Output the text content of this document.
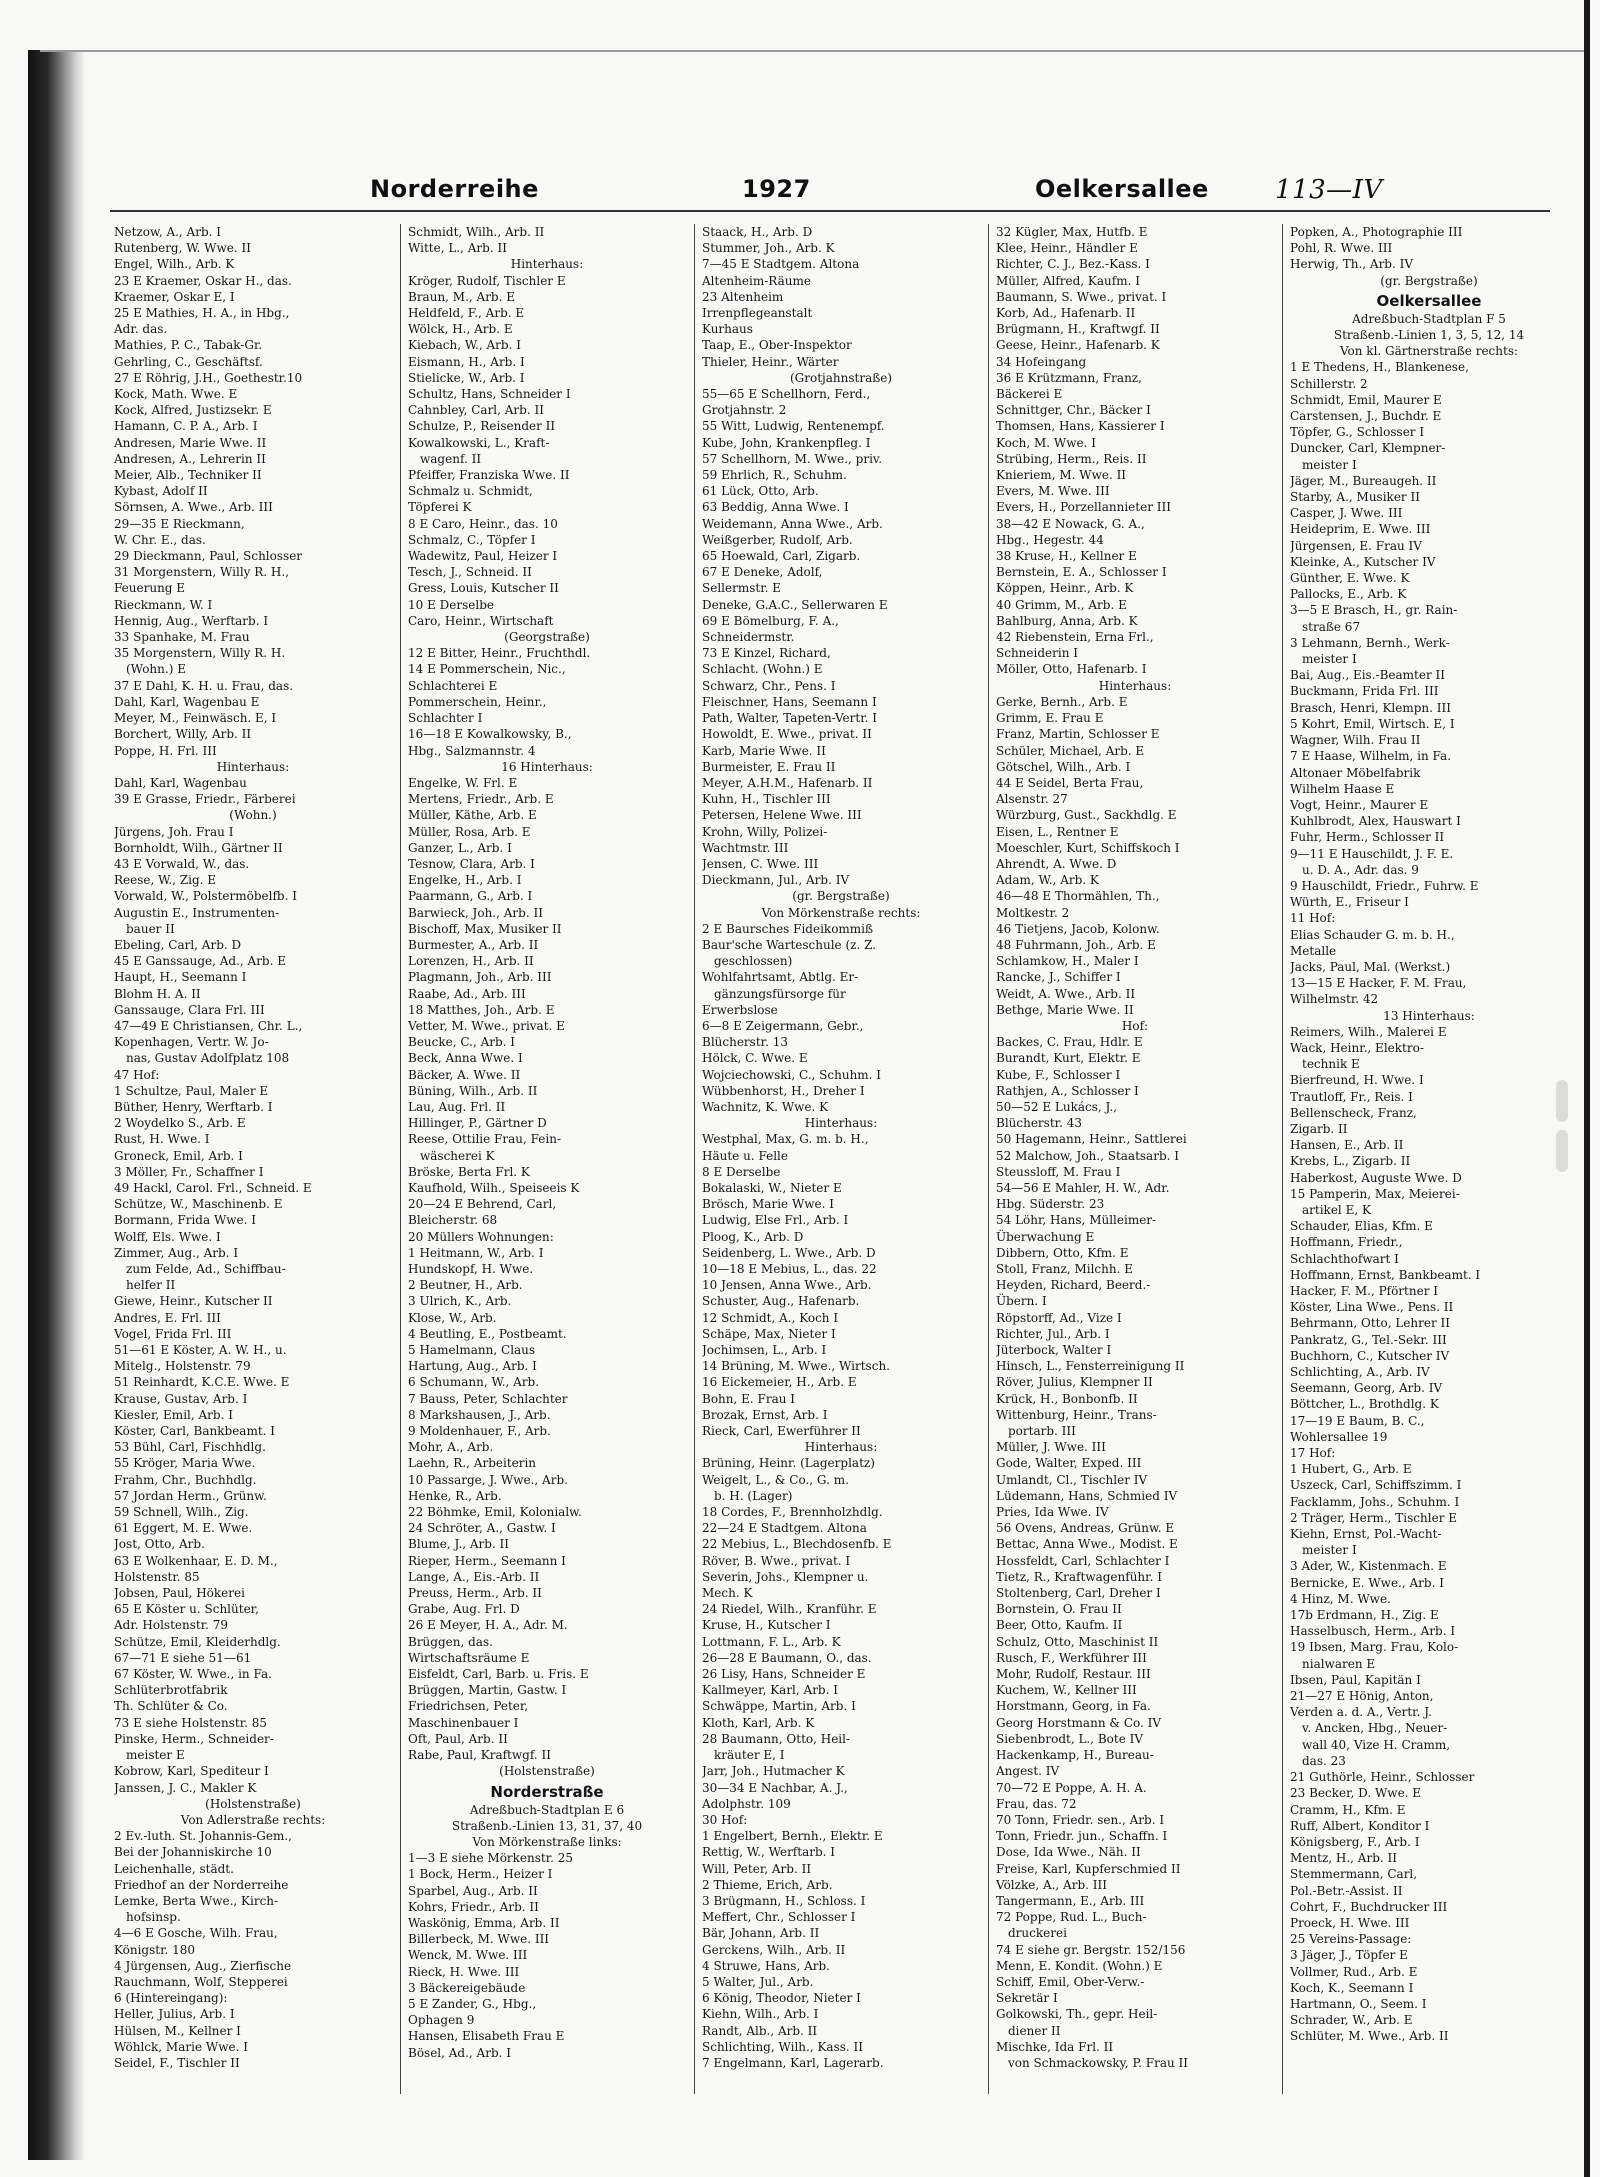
Norderreihe	1927	Oelkersallee	113—IV
Netzow, A., Arb. I
Rutenberg, W. Wwe. II
Engel, Wilh., Arb. K
23 E Kraemer, Oskar H., das.
Kraemer, Oskar E, I
25 E Mathies, H. A., in Hbg.,
Adr. das.
Mathies, P. C., Tabak-Gr.
Gehrling, C., Geschäftsf.
27 E Röhrig, J.H., Goethestr.10
Kock, Math. Wwe. E
Kock, Alfred, Justizsekr. E
Hamann, C. P. A., Arb. I
Andresen, Marie Wwe. II
Andresen, A., Lehrerin II
Meier, Alb., Techniker II
Kybast, Adolf II
Sörnsen, A. Wwe., Arb. III
29—35 E Rieckmann,
W. Chr. E., das.
29 Dieckmann, Paul, Schlosser
31 Morgenstern, Willy R. H.,
Feuerung E
Rieckmann, W. I
Hennig, Aug., Werftarb. I
33 Spanhake, M. Frau
35 Morgenstern, Willy R. H.
(Wohn.) E
37 E Dahl, K. H. u. Frau, das.
Dahl, Karl, Wagenbau E
Meyer, M., Feinwäsch. E, I
Borchert, Willy, Arb. II
Poppe, H. Frl. III
Hinterhaus:
Dahl, Karl, Wagenbau
39 E Grasse, Friedr., Färberei
(Wohn.)
Jürgens, Joh. Frau I
Bornholdt, Wilh., Gärtner II
43 E Vorwald, W., das.
Reese, W., Zig. E
Vorwald, W., Polstermöbelfb. I
Augustin E., Instrumenten-
bauer II
Ebeling, Carl, Arb. D
45 E Ganssauge, Ad., Arb. E
Haupt, H., Seemann I
Blohm H. A. II
Ganssauge, Clara Frl. III
47—49 E Christiansen, Chr. L.,
Kopenhagen, Vertr. W. Jo-
nas, Gustav Adolfplatz 108
47 Hof:
1 Schultze, Paul, Maler E
Büther, Henry, Werftarb. I
2 Woydelko S., Arb. E
Rust, H. Wwe. I
Groneck, Emil, Arb. I
3 Möller, Fr., Schaffner I
49 Hackl, Carol. Frl., Schneid. E
Schütze, W., Maschinenb. E
Bormann, Frida Wwe. I
Wolff, Els. Wwe. I
Zimmer, Aug., Arb. I
zum Felde, Ad., Schiffbau-
helfer II
Giewe, Heinr., Kutscher II
Andres, E. Frl. III
Vogel, Frida Frl. III
51—61 E Köster, A. W. H., u.
Mitelg., Holstenstr. 79
51 Reinhardt, K.C.E. Wwe. E
Krause, Gustav, Arb. I
Kiesler, Emil, Arb. I
Köster, Carl, Bankbeamt. I
53 Bühl, Carl, Fischhdlg.
55 Kröger, Maria Wwe.
Frahm, Chr., Buchhdlg.
57 Jordan Herm., Grünw.
59 Schnell, Wilh., Zig.
61 Eggert, M. E. Wwe.
Jost, Otto, Arb.
63 E Wolkenhaar, E. D. M.,
Holstenstr. 85
Jobsen, Paul, Hökerei
65 E Köster u. Schlüter,
Adr. Holstenstr. 79
Schütze, Emil, Kleiderhdlg.
67—71 E siehe 51—61
67 Köster, W. Wwe., in Fa.
Schlüterbrotfabrik
Th. Schlüter & Co.
73 E siehe Holstenstr. 85
Pinske, Herm., Schneider-
meister E
Kobrow, Karl, Spediteur I
Janssen, J. C., Makler K
(Holstenstraße)
Von Adlerstraße rechts:
2 Ev.-luth. St. Johannis-Gem.,
Bei der Johanniskirche 10
Leichenhalle, städt.
Friedhof an der Norderreihe
Lemke, Berta Wwe., Kirch-
hofsinsp.
4—6 E Gosche, Wilh. Frau,
Königstr. 180
4 Jürgensen, Aug., Zierfische
Rauchmann, Wolf, Stepperei
6 (Hintereingang):
Heller, Julius, Arb. I
Hülsen, M., Kellner I
Wöhlck, Marie Wwe. I
Seidel, F., Tischler II
Schmidt, Wilh., Arb. II
Witte, L., Arb. II
Hinterhaus:
Kröger, Rudolf, Tischler E
Braun, M., Arb. E
Heldfeld, F., Arb. E
Wölck, H., Arb. E
Kiebach, W., Arb. I
Eismann, H., Arb. I
Stielicke, W., Arb. I
Schultz, Hans, Schneider I
Cahnbley, Carl, Arb. II
Schulze, P., Reisender II
Kowalkowski, L., Kraft-
wagenf. II
Pfeiffer, Franziska Wwe. II
Schmalz u. Schmidt,
Töpferei K
8 E Caro, Heinr., das. 10
Schmalz, C., Töpfer I
Wadewitz, Paul, Heizer I
Tesch, J., Schneid. II
Gress, Louis, Kutscher II
10 E Derselbe
Caro, Heinr., Wirtschaft
(Georgstraße)
12 E Bitter, Heinr., Fruchthdl.
14 E Pommerschein, Nic.,
Schlachterei E
Pommerschein, Heinr.,
Schlachter I
16—18 E Kowalkowsky, B.,
Hbg., Salzmannstr. 4
16 Hinterhaus:
Engelke, W. Frl. E
Mertens, Friedr., Arb. E
Müller, Käthe, Arb. E
Müller, Rosa, Arb. E
Ganzer, L., Arb. I
Tesnow, Clara, Arb. I
Engelke, H., Arb. I
Paarmann, G., Arb. I
Barwieck, Joh., Arb. II
Bischoff, Max, Musiker II
Burmester, A., Arb. II
Lorenzen, H., Arb. II
Plagmann, Joh., Arb. III
Raabe, Ad., Arb. III
18 Matthes, Joh., Arb. E
Vetter, M. Wwe., privat. E
Beucke, C., Arb. I
Beck, Anna Wwe. I
Bäcker, A. Wwe. II
Büning, Wilh., Arb. II
Lau, Aug. Frl. II
Hillinger, P., Gärtner D
Reese, Ottilie Frau, Fein-
wäscherei K
Bröske, Berta Frl. K
Kaufhold, Wilh., Speiseeis K
20—24 E Behrend, Carl,
Bleicherstr. 68
20 Müllers Wohnungen:
1 Heitmann, W., Arb. I
Hundskopf, H. Wwe.
2 Beutner, H., Arb.
3 Ulrich, K., Arb.
Klose, W., Arb.
4 Beutling, E., Postbeamt.
5 Hamelmann, Claus
Hartung, Aug., Arb. I
6 Schumann, W., Arb.
7 Bauss, Peter, Schlachter
8 Markshausen, J., Arb.
9 Moldenhauer, F., Arb.
Mohr, A., Arb.
Laehn, R., Arbeiterin
10 Passarge, J. Wwe., Arb.
Henke, R., Arb.
22 Böhmke, Emil, Kolonialw.
24 Schröter, A., Gastw. I
Blume, J., Arb. II
Rieper, Herm., Seemann I
Lange, A., Eis.-Arb. II
Preuss, Herm., Arb. II
Grabe, Aug. Frl. D
26 E Meyer, H. A., Adr. M.
Brüggen, das.
Wirtschaftsräume E
Eisfeldt, Carl, Barb. u. Fris. E
Brüggen, Martin, Gastw. I
Friedrichsen, Peter,
Maschinenbauer I
Oft, Paul, Arb. II
Rabe, Paul, Kraftwgf. II
(Holstenstraße)
Norderstraße
Adreßbuch-Stadtplan E 6
Straßenb.-Linien 13, 31, 37, 40
Von Mörkenstraße links:
1—3 E siehe Mörkenstr. 25
1 Bock, Herm., Heizer I
Sparbel, Aug., Arb. II
Kohrs, Friedr., Arb. II
Waskönig, Emma, Arb. II
Billerbeck, M. Wwe. III
Wenck, M. Wwe. III
Rieck, H. Wwe. III
3 Bäckereigebäude
5 E Zander, G., Hbg.,
Ophagen 9
Hansen, Elisabeth Frau E
Bösel, Ad., Arb. I
Staack, H., Arb. D
Stummer, Joh., Arb. K
7—45 E Stadtgem. Altona
Altenheim-Räume
23 Altenheim
Irrenpflegeanstalt
Kurhaus
Taap, E., Ober-Inspektor
Thieler, Heinr., Wärter
(Grotjahnstraße)
55—65 E Schellhorn, Ferd.,
Grotjahnstr. 2
55 Witt, Ludwig, Rentenempf.
Kube, John, Krankenpfleg. I
57 Schellhorn, M. Wwe., priv.
59 Ehrlich, R., Schuhm.
61 Lück, Otto, Arb.
63 Beddig, Anna Wwe. I
Weidemann, Anna Wwe., Arb.
Weißgerber, Rudolf, Arb.
65 Hoewald, Carl, Zigarb.
67 E Deneke, Adolf,
Sellermstr. E
Deneke, G.A.C., Sellerwaren E
69 E Bömelburg, F. A.,
Schneidermstr.
73 E Kinzel, Richard,
Schlacht. (Wohn.) E
Schwarz, Chr., Pens. I
Fleischner, Hans, Seemann I
Path, Walter, Tapeten-Vertr. I
Howoldt, E. Wwe., privat. II
Karb, Marie Wwe. II
Burmeister, E. Frau II
Meyer, A.H.M., Hafenarb. II
Kuhn, H., Tischler III
Petersen, Helene Wwe. III
Krohn, Willy, Polizei-
Wachtmstr. III
Jensen, C. Wwe. III
Dieckmann, Jul., Arb. IV
(gr. Bergstraße)
Von Mörkenstraße rechts:
2 E Baursches Fideikommiß
Baur'sche Warteschule (z. Z.
geschlossen)
Wohlfahrtsamt, Abtlg. Er-
gänzungsfürsorge für
Erwerbslose
6—8 E Zeigermann, Gebr.,
Blücherstr. 13
Hölck, C. Wwe. E
Wojciechowski, C., Schuhm. I
Wübbenhorst, H., Dreher I
Wachnitz, K. Wwe. K
Hinterhaus:
Westphal, Max, G. m. b. H.,
Häute u. Felle
8 E Derselbe
Bokalaski, W., Nieter E
Brösch, Marie Wwe. I
Ludwig, Else Frl., Arb. I
Ploog, K., Arb. D
Seidenberg, L. Wwe., Arb. D
10—18 E Mebius, L., das. 22
10 Jensen, Anna Wwe., Arb.
Schuster, Aug., Hafenarb.
12 Schmidt, A., Koch I
Schäpe, Max, Nieter I
Jochimsen, L., Arb. I
14 Brüning, M. Wwe., Wirtsch.
16 Eickemeier, H., Arb. E
Bohn, E. Frau I
Brozak, Ernst, Arb. I
Rieck, Carl, Ewerführer II
Hinterhaus:
Brüning, Heinr. (Lagerplatz)
Weigelt, L., & Co., G. m.
b. H. (Lager)
18 Cordes, F., Brennholzhdlg.
22—24 E Stadtgem. Altona
22 Mebius, L., Blechdosenfb. E
Röver, B. Wwe., privat. I
Severin, Johs., Klempner u.
Mech. K
24 Riedel, Wilh., Kranführ. E
Kruse, H., Kutscher I
Lottmann, F. L., Arb. K
26—28 E Baumann, O., das.
26 Lisy, Hans, Schneider E
Kallmeyer, Karl, Arb. I
Schwäppe, Martin, Arb. I
Kloth, Karl, Arb. K
28 Baumann, Otto, Heil-
kräuter E, I
Jarr, Joh., Hutmacher K
30—34 E Nachbar, A. J.,
Adolphstr. 109
30 Hof:
1 Engelbert, Bernh., Elektr. E
Rettig, W., Werftarb. I
Will, Peter, Arb. II
2 Thieme, Erich, Arb.
3 Brügmann, H., Schloss. I
Meffert, Chr., Schlosser I
Bär, Johann, Arb. II
Gerckens, Wilh., Arb. II
4 Struwe, Hans, Arb.
5 Walter, Jul., Arb.
6 König, Theodor, Nieter I
Kiehn, Wilh., Arb. I
Randt, Alb., Arb. II
Schlichting, Wilh., Kass. II
7 Engelmann, Karl, Lagerarb.
32 Kügler, Max, Hutfb. E
Klee, Heinr., Händler E
Richter, C. J., Bez.-Kass. I
Müller, Alfred, Kaufm. I
Baumann, S. Wwe., privat. I
Korb, Ad., Hafenarb. II
Brügmann, H., Kraftwgf. II
Geese, Heinr., Hafenarb. K
34 Hofeingang
36 E Krützmann, Franz,
Bäckerei E
Schnittger, Chr., Bäcker I
Thomsen, Hans, Kassierer I
Koch, M. Wwe. I
Strübing, Herm., Reis. II
Knieriem, M. Wwe. II
Evers, M. Wwe. III
Evers, H., Porzellannieter III
38—42 E Nowack, G. A.,
Hbg., Hegestr. 44
38 Kruse, H., Kellner E
Bernstein, E. A., Schlosser I
Köppen, Heinr., Arb. K
40 Grimm, M., Arb. E
Bahlburg, Anna, Arb. K
42 Riebenstein, Erna Frl.,
Schneiderin I
Möller, Otto, Hafenarb. I
Hinterhaus:
Gerke, Bernh., Arb. E
Grimm, E. Frau E
Franz, Martin, Schlosser E
Schüler, Michael, Arb. E
Götschel, Wilh., Arb. I
44 E Seidel, Berta Frau,
Alsenstr. 27
Würzburg, Gust., Sackhdlg. E
Eisen, L., Rentner E
Moeschler, Kurt, Schiffskoch I
Ahrendt, A. Wwe. D
Adam, W., Arb. K
46—48 E Thormählen, Th.,
Moltkestr. 2
46 Tietjens, Jacob, Kolonw.
48 Fuhrmann, Joh., Arb. E
Schlamkow, H., Maler I
Rancke, J., Schiffer I
Weidt, A. Wwe., Arb. II
Bethge, Marie Wwe. II
Hof:
Backes, C. Frau, Hdlr. E
Burandt, Kurt, Elektr. E
Kube, F., Schlosser I
Rathjen, A., Schlosser I
50—52 E Lukács, J.,
Blücherstr. 43
50 Hagemann, Heinr., Sattlerei
52 Malchow, Joh., Staatsarb. I
Steussloff, M. Frau I
54—56 E Mahler, H. W., Adr.
Hbg. Süderstr. 23
54 Löhr, Hans, Mülleimer-
Überwachung E
Dibbern, Otto, Kfm. E
Stoll, Franz, Milchh. E
Heyden, Richard, Beerd.-
Übern. I
Röpstorff, Ad., Vize I
Richter, Jul., Arb. I
Jüterbock, Walter I
Hinsch, L., Fensterreinigung II
Röver, Julius, Klempner II
Krück, H., Bonbonfb. II
Wittenburg, Heinr., Trans-
portarb. III
Müller, J. Wwe. III
Gode, Walter, Exped. III
Umlandt, Cl., Tischler IV
Lüdemann, Hans, Schmied IV
Pries, Ida Wwe. IV
56 Ovens, Andreas, Grünw. E
Bettac, Anna Wwe., Modist. E
Hossfeldt, Carl, Schlachter I
Tietz, R., Kraftwagenführ. I
Stoltenberg, Carl, Dreher I
Bornstein, O. Frau II
Beer, Otto, Kaufm. II
Schulz, Otto, Maschinist II
Rusch, F., Werkführer III
Mohr, Rudolf, Restaur. III
Kuchem, W., Kellner III
Horstmann, Georg, in Fa.
Georg Horstmann & Co. IV
Siebenbrodt, L., Bote IV
Hackenkamp, H., Bureau-
Angest. IV
70—72 E Poppe, A. H. A.
Frau, das. 72
70 Tonn, Friedr. sen., Arb. I
Tonn, Friedr. jun., Schaffn. I
Dose, Ida Wwe., Näh. II
Freise, Karl, Kupferschmied II
Völzke, A., Arb. III
Tangermann, E., Arb. III
72 Poppe, Rud. L., Buch-
druckerei
74 E siehe gr. Bergstr. 152/156
Menn, E. Kondit. (Wohn.) E
Schiff, Emil, Ober-Verw.-
Sekretär I
Golkowski, Th., gepr. Heil-
diener II
Mischke, Ida Frl. II
von Schmackowsky, P. Frau II
Popken, A., Photographie III
Pohl, R. Wwe. III
Herwig, Th., Arb. IV
(gr. Bergstraße)
Oelkersallee
Adreßbuch-Stadtplan F 5
Straßenb.-Linien 1, 3, 5, 12, 14
Von kl. Gärtnerstraße rechts:
1 E Thedens, H., Blankenese,
Schillerstr. 2
Schmidt, Emil, Maurer E
Carstensen, J., Buchdr. E
Töpfer, G., Schlosser I
Duncker, Carl, Klempner-
meister I
Jäger, M., Bureaugeh. II
Starby, A., Musiker II
Casper, J. Wwe. III
Heideprim, E. Wwe. III
Jürgensen, E. Frau IV
Kleinke, A., Kutscher IV
Günther, E. Wwe. K
Pallocks, E., Arb. K
3—5 E Brasch, H., gr. Rain-
straße 67
3 Lehmann, Bernh., Werk-
meister I
Bai, Aug., Eis.-Beamter II
Buckmann, Frida Frl. III
Brasch, Henri, Klempn. III
5 Kohrt, Emil, Wirtsch. E, I
Wagner, Wilh. Frau II
7 E Haase, Wilhelm, in Fa.
Altonaer Möbelfabrik
Wilhelm Haase E
Vogt, Heinr., Maurer E
Kuhlbrodt, Alex, Hauswart I
Fuhr, Herm., Schlosser II
9—11 E Hauschildt, J. F. E.
u. D. A., Adr. das. 9
9 Hauschildt, Friedr., Fuhrw. E
Würth, E., Friseur I
11 Hof:
Elias Schauder G. m. b. H.,
Metalle
Jacks, Paul, Mal. (Werkst.)
13—15 E Hacker, F. M. Frau,
Wilhelmstr. 42
13 Hinterhaus:
Reimers, Wilh., Malerei E
Wack, Heinr., Elektro-
technik E
Bierfreund, H. Wwe. I
Trautloff, Fr., Reis. I
Bellenscheck, Franz,
Zigarb. II
Hansen, E., Arb. II
Krebs, L., Zigarb. II
Haberkost, Auguste Wwe. D
15 Pamperin, Max, Meierei-
artikel E, K
Schauder, Elias, Kfm. E
Hoffmann, Friedr.,
Schlachthofwart I
Hoffmann, Ernst, Bankbeamt. I
Hacker, F. M., Pförtner I
Köster, Lina Wwe., Pens. II
Behrmann, Otto, Lehrer II
Pankratz, G., Tel.-Sekr. III
Buchhorn, C., Kutscher IV
Schlichting, A., Arb. IV
Seemann, Georg, Arb. IV
Böttcher, L., Brothdlg. K
17—19 E Baum, B. C.,
Wohlersallee 19
17 Hof:
1 Hubert, G., Arb. E
Uszeck, Carl, Schiffszimm. I
Facklamm, Johs., Schuhm. I
2 Träger, Herm., Tischler E
Kiehn, Ernst, Pol.-Wacht-
meister I
3 Ader, W., Kistenmach. E
Bernicke, E. Wwe., Arb. I
4 Hinz, M. Wwe.
17b Erdmann, H., Zig. E
Hasselbusch, Herm., Arb. I
19 Ibsen, Marg. Frau, Kolo-
nialwaren E
Ibsen, Paul, Kapitän I
21—27 E Hönig, Anton,
Verden a. d. A., Vertr. J.
v. Ancken, Hbg., Neuer-
wall 40, Vize H. Cramm,
das. 23
21 Guthörle, Heinr., Schlosser
23 Becker, D. Wwe. E
Cramm, H., Kfm. E
Ruff, Albert, Konditor I
Königsberg, F., Arb. I
Mentz, H., Arb. II
Stemmermann, Carl,
Pol.-Betr.-Assist. II
Cohrt, F., Buchdrucker III
Proeck, H. Wwe. III
25 Vereins-Passage:
3 Jäger, J., Töpfer E
Vollmer, Rud., Arb. E
Koch, K., Seemann I
Hartmann, O., Seem. I
Schrader, W., Arb. E
Schlüter, M. Wwe., Arb. II
